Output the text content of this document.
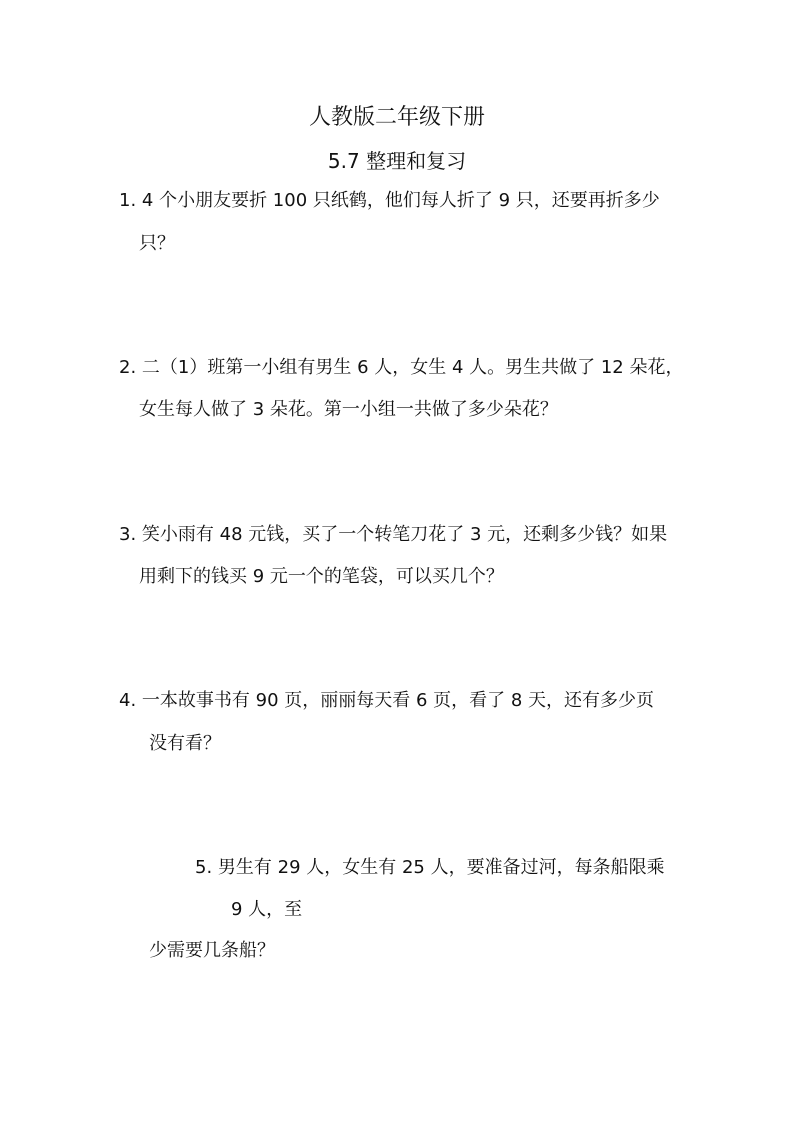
人教版二年级下册
5.7 整理和复习
1. 4 个小朋友要折 100 只纸鹤，他们每人折了 9 只，还要再折多少
只？
2. 二（1）班第一小组有男生 6 人，女生 4 人。男生共做了 12 朵花，
女生每人做了 3 朵花。第一小组一共做了多少朵花？
3. 笑小雨有 48 元钱，买了一个转笔刀花了 3 元，还剩多少钱？如果
用剩下的钱买 9 元一个的笔袋，可以买几个？
4. 一本故事书有 90 页，丽丽每天看 6 页，看了 8 天，还有多少页
没有看？
5. 男生有 29 人，女生有 25 人，要准备过河，每条船限乘
9 人，至
少需要几条船？
